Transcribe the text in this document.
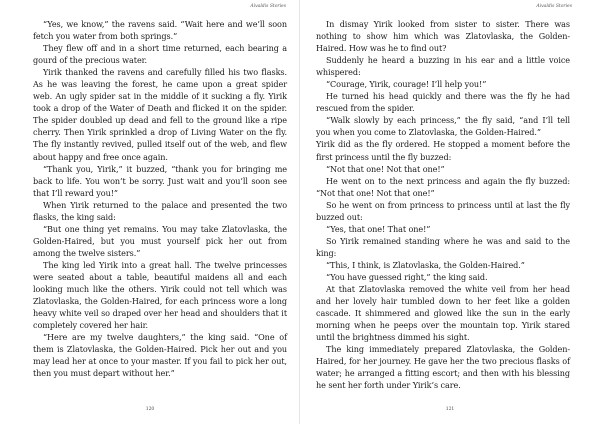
Aivaldis Stories

“Yes, we know,” the ravens said. “Wait here and we’ll soon fetch you water from both springs.”

They flew off and in a short time returned, each bearing a gourd of the precious water.

Yirik thanked the ravens and carefully filled his two flasks. As he was leaving the forest, he came upon a great spider web. An ugly spider sat in the middle of it sucking a fly. Yirik took a drop of the Water of Death and flicked it on the spider. The spider doubled up dead and fell to the ground like a ripe cherry. Then Yirik sprinkled a drop of Living Water on the fly. The fly instantly revived, pulled itself out of the web, and flew about happy and free once again.

“Thank you, Yirik,” it buzzed, “thank you for bringing me back to life. You won’t be sorry. Just wait and you’ll soon see that I’ll reward you!”

When Yirik returned to the palace and presented the two flasks, the king said:

“But one thing yet remains. You may take Zlatovlaska, the Golden-Haired, but you must yourself pick her out from among the twelve sisters.”

The king led Yirik into a great hall. The twelve princesses were seated about a table, beautiful maidens all and each looking much like the others. Yirik could not tell which was Zlatovlaska, the Golden-Haired, for each princess wore a long heavy white veil so draped over her head and shoulders that it completely covered her hair.

“Here are my twelve daughters,” the king said. “One of them is Zlatovlaska, the Golden-Haired. Pick her out and you may lead her at once to your master. If you fail to pick her out, then you must depart without her.”

120
Aivaldis Stories

In dismay Yirik looked from sister to sister. There was nothing to show him which was Zlatovlaska, the Golden-Haired. How was he to find out?

Suddenly he heard a buzzing in his ear and a little voice whispered:

“Courage, Yirik, courage! I’ll help you!”

He turned his head quickly and there was the fly he had rescued from the spider.

“Walk slowly by each princess,” the fly said, “and I’ll tell you when you come to Zlatovlaska, the Golden-Haired.”

Yirik did as the fly ordered. He stopped a moment before the first princess until the fly buzzed:

“Not that one! Not that one!”

He went on to the next princess and again the fly buzzed: “Not that one! Not that one!”

So he went on from princess to princess until at last the fly buzzed out:

“Yes, that one! That one!”

So Yirik remained standing where he was and said to the king:

“This, I think, is Zlatovlaska, the Golden-Haired.”

“You have guessed right,” the king said.

At that Zlatovlaska removed the white veil from her head and her lovely hair tumbled down to her feet like a golden cascade. It shimmered and glowed like the sun in the early morning when he peeps over the mountain top. Yirik stared until the brightness dimmed his sight.

The king immediately prepared Zlatovlaska, the Golden-Haired, for her journey. He gave her the two precious flasks of water; he arranged a fitting escort; and then with his blessing he sent her forth under Yirik’s care.

121
